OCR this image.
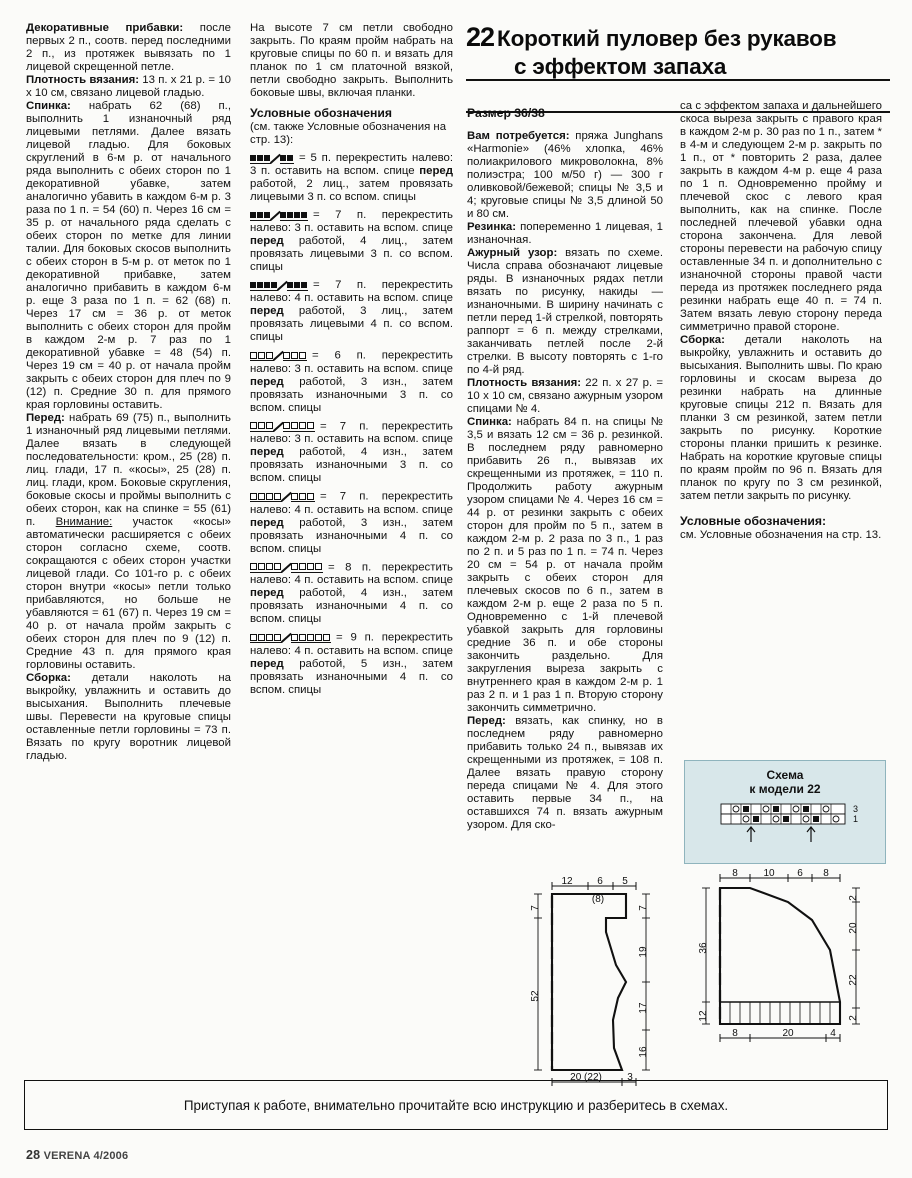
22 Короткий пуловер без рукавов
с эффектом запаха

Декоративные прибавки: после первых 2 п., соотв. перед последними 2 п., из протяжек вывязать по 1 лицевой скрещенной петле.

Плотность вязания: 13 п. х 21 р. = 10 х 10 см, связано лицевой гладью.

Спинка: набрать 62 (68) п., выполнить 1 изнаночный ряд лицевыми петлями. Далее вязать лицевой гладью. Для боковых скруглений в 6-м р. от начального ряда выполнить с обеих сторон по 1 декоративной убавке, затем аналогично убавить в каждом 6-м р. 3 раза по 1 п. = 54 (60) п. Через 16 см = 35 р. от начального ряда сделать с обеих сторон по метке для линии талии. Для боковых скосов выполнить с обеих сторон в 5-м р. от меток по 1 декоративной прибавке, затем аналогично прибавить в каждом 6-м р. еще 3 раза по 1 п. = 62 (68) п. Через 17 см = 36 р. от меток выполнить с обеих сторон для пройм в каждом 2-м р. 7 раз по 1 декоративной убавке = 48 (54) п. Через 19 см = 40 р. от начала пройм закрыть с обеих сторон для плеч по 9 (12) п. Средние 30 п. для прямого края горловины оставить.

Перед: набрать 69 (75) п., выполнить 1 изнаночный ряд лицевыми петлями. Далее вязать в следующей последовательности: кром., 25 (28) п. лиц. глади, 17 п. «косы», 25 (28) п. лиц. глади, кром. Боковые скругления, боковые скосы и проймы выполнить с обеих сторон, как на спинке = 55 (61) п. Внимание: участок «косы» автоматически расширяется с обеих сторон согласно схеме, соотв. сокращаются с обеих сторон участки лицевой глади. Со 101-го р. с обеих сторон внутри «косы» петли только прибавляются, но больше не убавляются = 61 (67) п. Через 19 см = 40 р. от начала пройм закрыть с обеих сторон для плеч по 9 (12) п. Средние 43 п. для прямого края горловины оставить.

Сборка: детали наколоть на выкройку, увлажнить и оставить до высыхания. Выполнить плечевые швы. Перевести на круговые спицы оставленные петли горловины = 73 п. Вязать по кругу воротник лицевой гладью.

На высоте 7 см петли свободно закрыть. По краям пройм набрать на круговые спицы по 60 п. и вязать для планок по 1 см платочной вязкой, петли свободно закрыть. Выполнить боковые швы, включая планки.

Условные обозначения

(см. также Условные обозначения на стр. 13):

= 5 п. перекрестить налево: 3 п. оставить на вспом. спице перед работой, 2 лиц., затем провязать лицевыми 3 п. со вспом. спицы

= 7 п. перекрестить налево: 3 п. оставить на вспом. спице перед работой, 4 лиц., затем провязать лицевыми 3 п. со вспом. спицы

= 7 п. перекрестить налево: 4 п. оставить на вспом. спице перед работой, 3 лиц., затем провязать лицевыми 4 п. со вспом. спицы

= 6 п. перекрестить налево: 3 п. оставить на вспом. спице перед работой, 3 изн., затем провязать изнаночными 3 п. со вспом. спицы

= 7 п. перекрестить налево: 3 п. оставить на вспом. спице перед работой, 4 изн., затем провязать изнаночными 3 п. со вспом. спицы

= 7 п. перекрестить налево: 4 п. оставить на вспом. спице перед работой, 3 изн., затем провязать изнаночными 4 п. со вспом. спицы

= 8 п. перекрестить налево: 4 п. оставить на вспом. спице перед работой, 4 изн., затем провязать изнаночными 4 п. со вспом. спицы

= 9 п. перекрестить налево: 4 п. оставить на вспом. спице перед работой, 5 изн., затем провязать изнаночными 4 п. со вспом. спицы

12 6 5
(8)
7
52
7
19
17
16
20 (22)	3
Размер 36/38

Вам потребуется: пряжа Junghans «Harmonie» (46% хлопка, 46% полиакрилового микроволокна, 8% полиэстра; 100 м/50 г) — 300 г оливковой/бежевой; спицы № 3,5 и 4; круговые спицы № 3,5 длиной 50 и 80 см.

Резинка: попеременно 1 лицевая, 1 изнаночная.

Ажурный узор: вязать по схеме. Числа справа обозначают лицевые ряды. В изнаночных рядах петли вязать по рисунку, накиды — изнаночными. В ширину начинать с петли перед 1-й стрелкой, повторять раппорт = 6 п. между стрелками, заканчивать петлей после 2-й стрелки. В высоту повторять с 1-го по 4-й ряд.

Плотность вязания: 22 п. х 27 р. = 10 х 10 см, связано ажурным узором спицами № 4.

Спинка: набрать 84 п. на спицы № 3,5 и вязать 12 см = 36 р. резинкой. В последнем ряду равномерно прибавить 26 п., вывязав их скрещенными из протяжек, = 110 п. Продолжить работу ажурным узором спицами № 4. Через 16 см = 44 р. от резинки закрыть с обеих сторон для пройм по 5 п., затем в каждом 2-м р. 2 раза по 3 п., 1 раз по 2 п. и 5 раз по 1 п. = 74 п. Через 20 см = 54 р. от начала пройм закрыть с обеих сторон для плечевых скосов по 6 п., затем в каждом 2-м р. еще 2 раза по 5 п. Одновременно с 1-й плечевой убавкой закрыть для горловины средние 36 п. и обе стороны закончить раздельно. Для закругления выреза закрыть с внутреннего края в каждом 2-м р. 1 раз 2 п. и 1 раз 1 п. Вторую сторону закончить симметрично.

Перед: вязать, как спинку, но в последнем ряду равномерно прибавить только 24 п., вывязав их скрещенными из протяжек, = 108 п. Далее вязать правую сторону переда спицами № 4. Для этого оставить первые 34 п., на оставшихся 74 п. вязать ажурным узором. Для ско-

са с эффектом запаха и дальнейшего скоса выреза закрыть с правого края в каждом 2-м р. 30 раз по 1 п., затем * в 4-м и следующем 2-м р. закрыть по 1 п., от * повторить 2 раза, далее закрыть в каждом 4-м р. еще 4 раза по 1 п. Одновременно пройму и плечевой скос с левого края выполнить, как на спинке. После последней плечевой убавки одна сторона закончена. Для левой стороны перевести на рабочую спицу оставленные 34 п. и дополнительно с изнаночной стороны правой части переда из протяжек последнего ряда резинки набрать еще 40 п. = 74 п. Затем вязать левую сторону переда симметрично правой стороне.

Сборка: детали наколоть на выкройку, увлажнить и оставить до высыхания. Выполнить швы. По краю горловины и скосам выреза до резинки набрать на длинные круговые спицы 212 п. Вязать для планки 3 см резинкой, затем петли закрыть по рисунку. Короткие стороны планки пришить к резинке. Набрать на короткие круговые спицы по краям пройм по 96 п. Вязать для планок по кругу по 3 см резинкой, затем петли закрыть по рисунку.

Условные обозначения:

см. Условные обозначения на стр. 13.

Схема
к модели 22
3
1
8	10 6 8
36
12
2
20
22
2
8	20	4
Приступая к работе, внимательно прочитайте всю инструкцию и разберитесь в схемах.
28 VERENA 4/2006
